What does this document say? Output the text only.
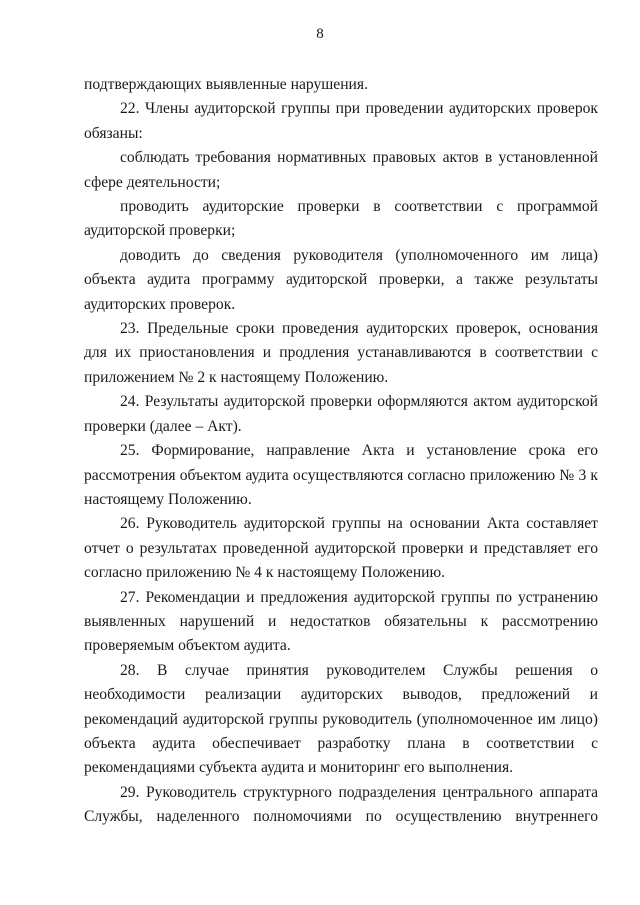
8

подтверждающих выявленные нарушения.

22. Члены аудиторской группы при проведении аудиторских проверок обязаны:

соблюдать требования нормативных правовых актов в установленной сфере деятельности;

проводить аудиторские проверки в соответствии с программой аудиторской проверки;

доводить до сведения руководителя (уполномоченного им лица) объекта аудита программу аудиторской проверки, а также результаты аудиторских проверок.

23. Предельные сроки проведения аудиторских проверок, основания для их приостановления и продления устанавливаются в соответствии с приложением № 2 к настоящему Положению.

24. Результаты аудиторской проверки оформляются актом аудиторской проверки (далее – Акт).

25. Формирование, направление Акта и установление срока его рассмотрения объектом аудита осуществляются согласно приложению № 3 к настоящему Положению.

26. Руководитель аудиторской группы на основании Акта составляет отчет о результатах проведенной аудиторской проверки и представляет его согласно приложению № 4 к настоящему Положению.

27. Рекомендации и предложения аудиторской группы по устранению выявленных нарушений и недостатков обязательны к рассмотрению проверяемым объектом аудита.

28. В случае принятия руководителем Службы решения о необходимости реализации аудиторских выводов, предложений и рекомендаций аудиторской группы руководитель (уполномоченное им лицо) объекта аудита обеспечивает разработку плана в соответствии с рекомендациями субъекта аудита и мониторинг его выполнения.

29. Руководитель структурного подразделения центрального аппарата Службы, наделенного полномочиями по осуществлению внутреннего
